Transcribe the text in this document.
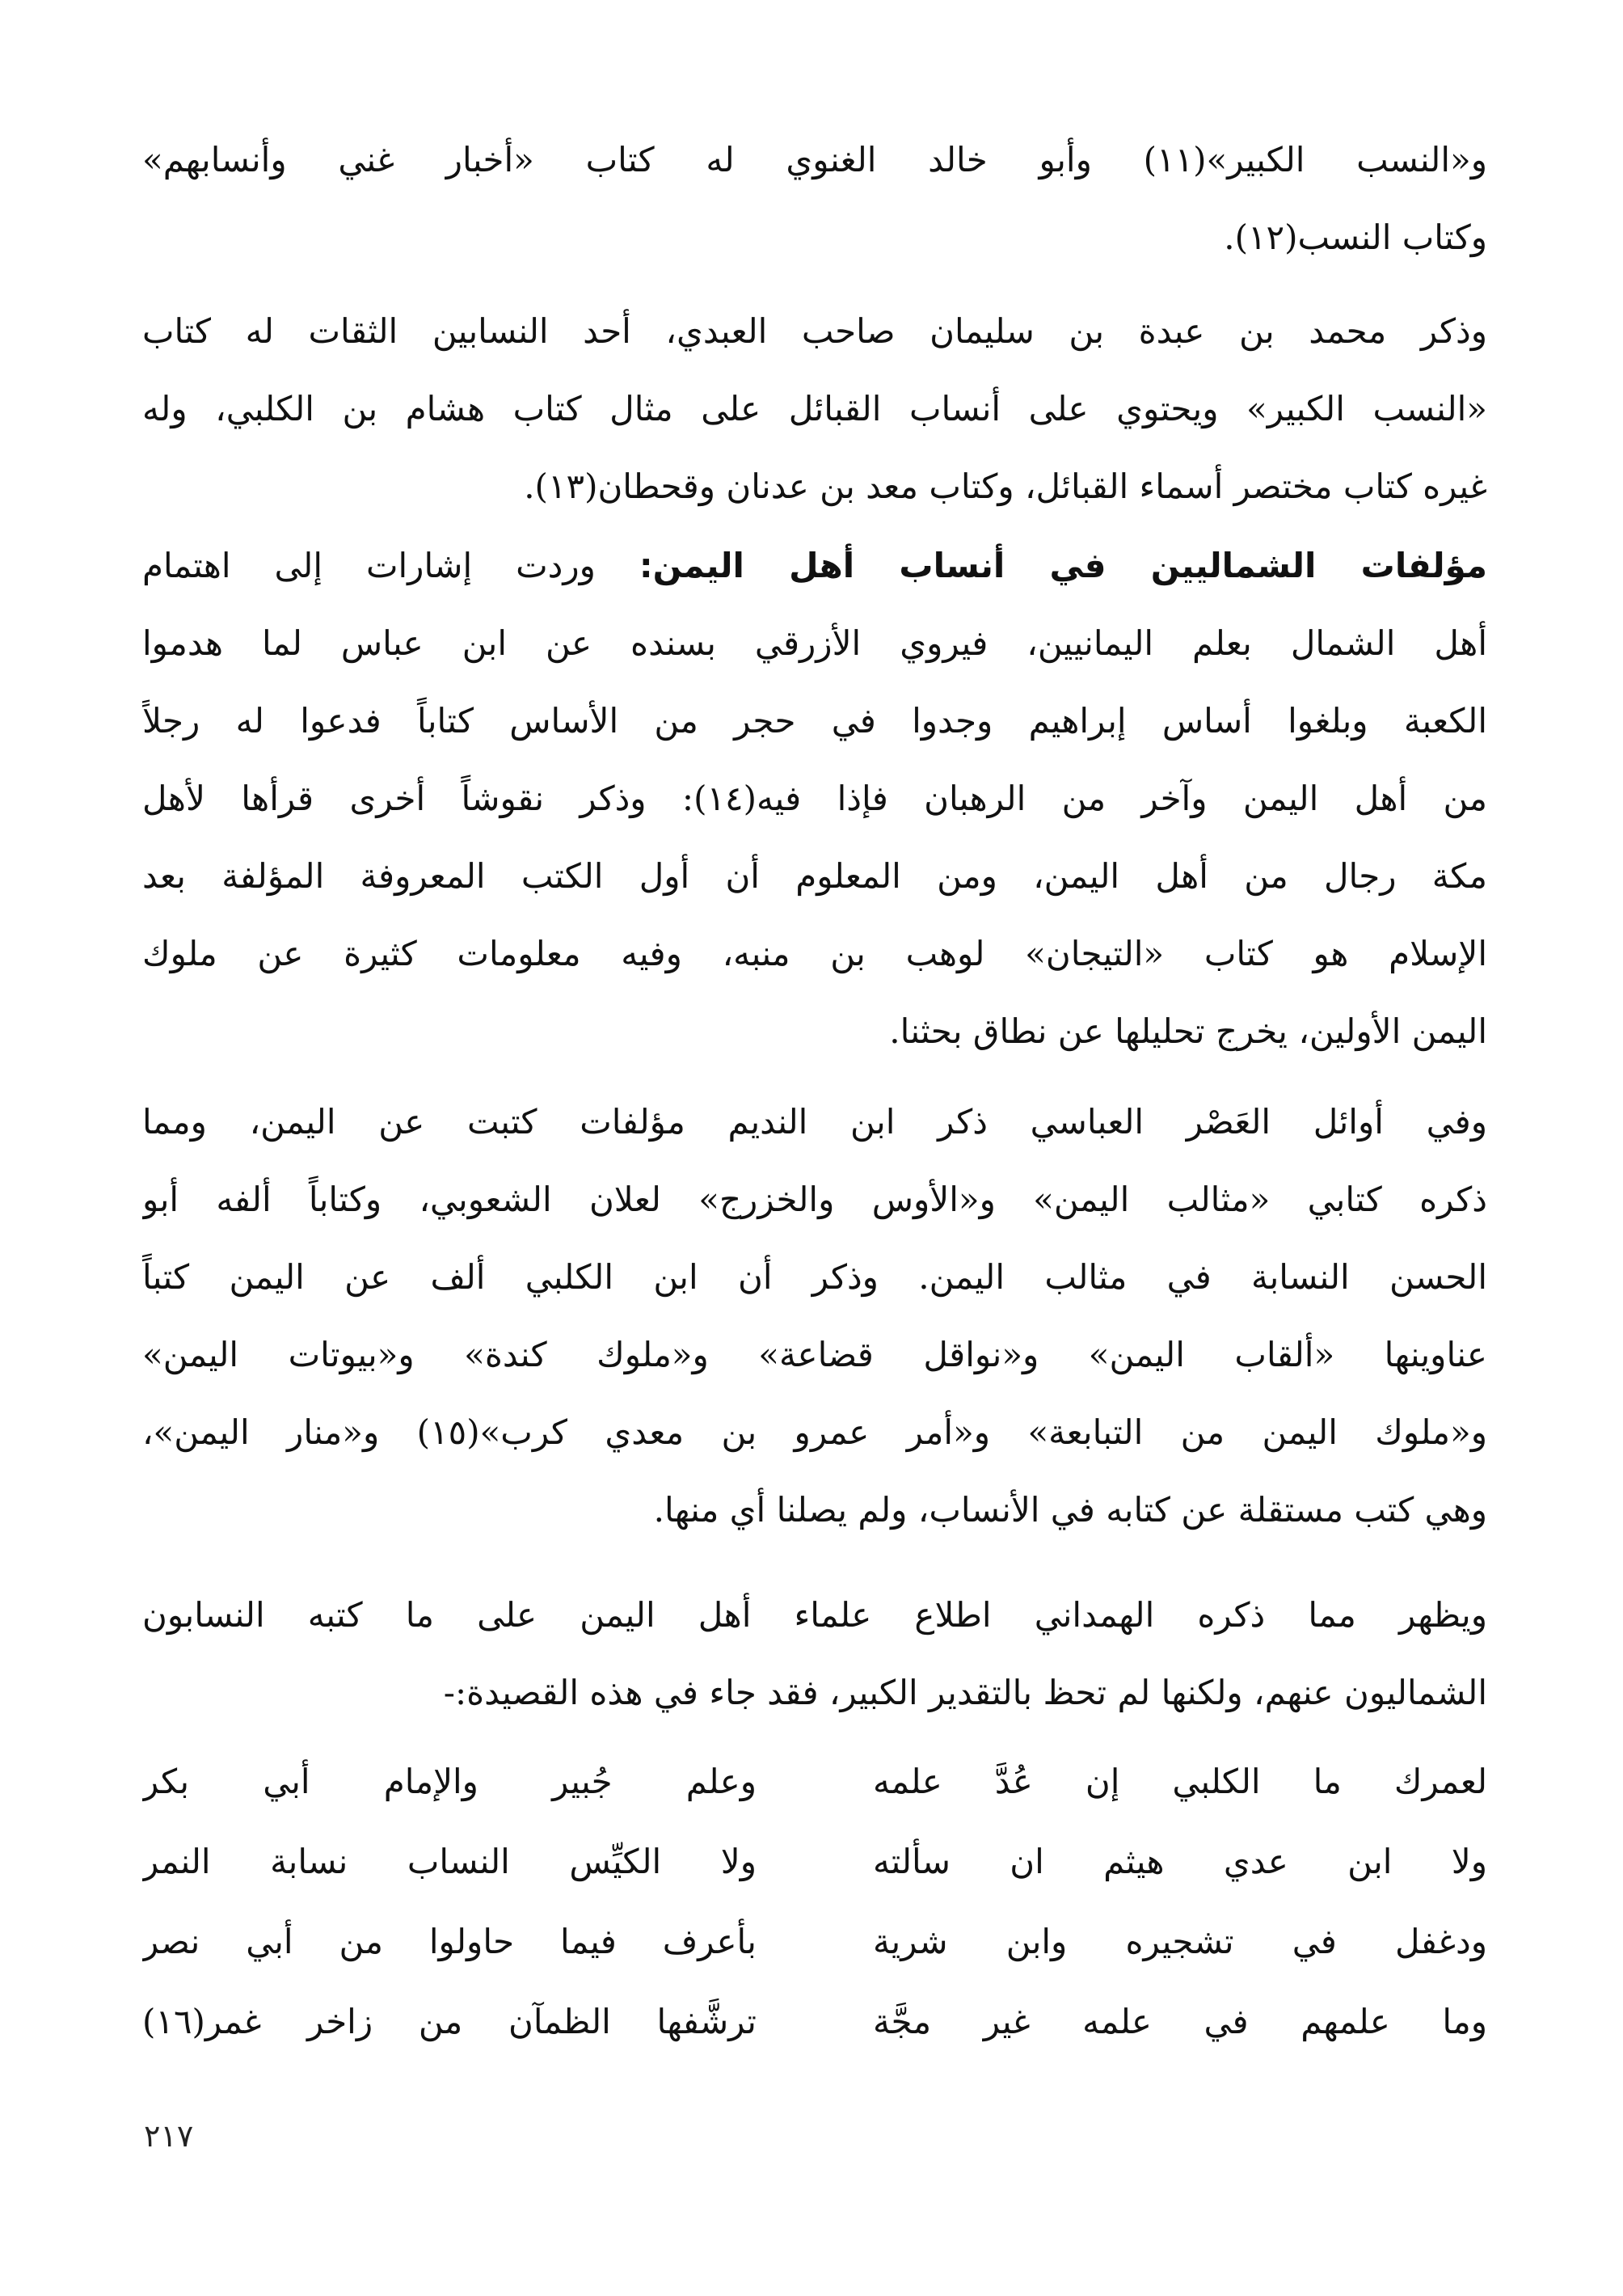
و«النسب الكبير»(١١) وأبو خالد الغنوي له كتاب «أخبار غني وأنسابهم»
وكتاب النسب(١٢).
وذكر محمد بن عبدة بن سليمان صاحب العبدي، أحد النسابين الثقات له كتاب
«النسب الكبير» ويحتوي على أنساب القبائل على مثال كتاب هشام بن الكلبي، وله
غيره كتاب مختصر أسماء القبائل، وكتاب معد بن عدنان وقحطان(١٣).
مؤلفات الشماليين في أنساب أهل اليمن: وردت إشارات إلى اهتمام
أهل الشمال بعلم اليمانيين، فيروي الأزرقي بسنده عن ابن عباس لما هدموا
الكعبة وبلغوا أساس إبراهيم وجدوا في حجر من الأساس كتاباً فدعوا له رجلاً
من أهل اليمن وآخر من الرهبان فإذا فيه(١٤): وذكر نقوشاً أخرى قرأها لأهل
مكة رجال من أهل اليمن، ومن المعلوم أن أول الكتب المعروفة المؤلفة بعد
الإسلام هو كتاب «التيجان» لوهب بن منبه، وفيه معلومات كثيرة عن ملوك
اليمن الأولين، يخرج تحليلها عن نطاق بحثنا.
وفي أوائل العَصْر العباسي ذكر ابن النديم مؤلفات كتبت عن اليمن، ومما
ذكره كتابي «مثالب اليمن» و«الأوس والخزرج» لعلان الشعوبي، وكتاباً ألفه أبو
الحسن النسابة في مثالب اليمن. وذكر أن ابن الكلبي ألف عن اليمن كتباً
عناوينها «ألقاب اليمن» و«نواقل قضاعة» و«ملوك كندة» و«بيوتات اليمن»
و«ملوك اليمن من التبابعة» و«أمر عمرو بن معدي كرب»(١٥) و«منار اليمن»،
وهي كتب مستقلة عن كتابه في الأنساب، ولم يصلنا أي منها.
ويظهر مما ذكره الهمداني اطلاع علماء أهل اليمن على ما كتبه النسابون
الشماليون عنهم، ولكنها لم تحظ بالتقدير الكبير، فقد جاء في هذه القصيدة:-
لعمرك ما الكلبي إن عُدَّ علمه
وعلم جُبير والإمام أبي بكر
ولا ابن عدي هيثم ان سألته
ولا الكيِّس النساب نسابة النمر
ودغفل في تشجيره وابن شرية
بأعرف فيما حاولوا من أبي نصر
وما علمهم في علمه غير مجَّة
ترشَّفها الظمآن من زاخر غمر(١٦)
٢١٧
